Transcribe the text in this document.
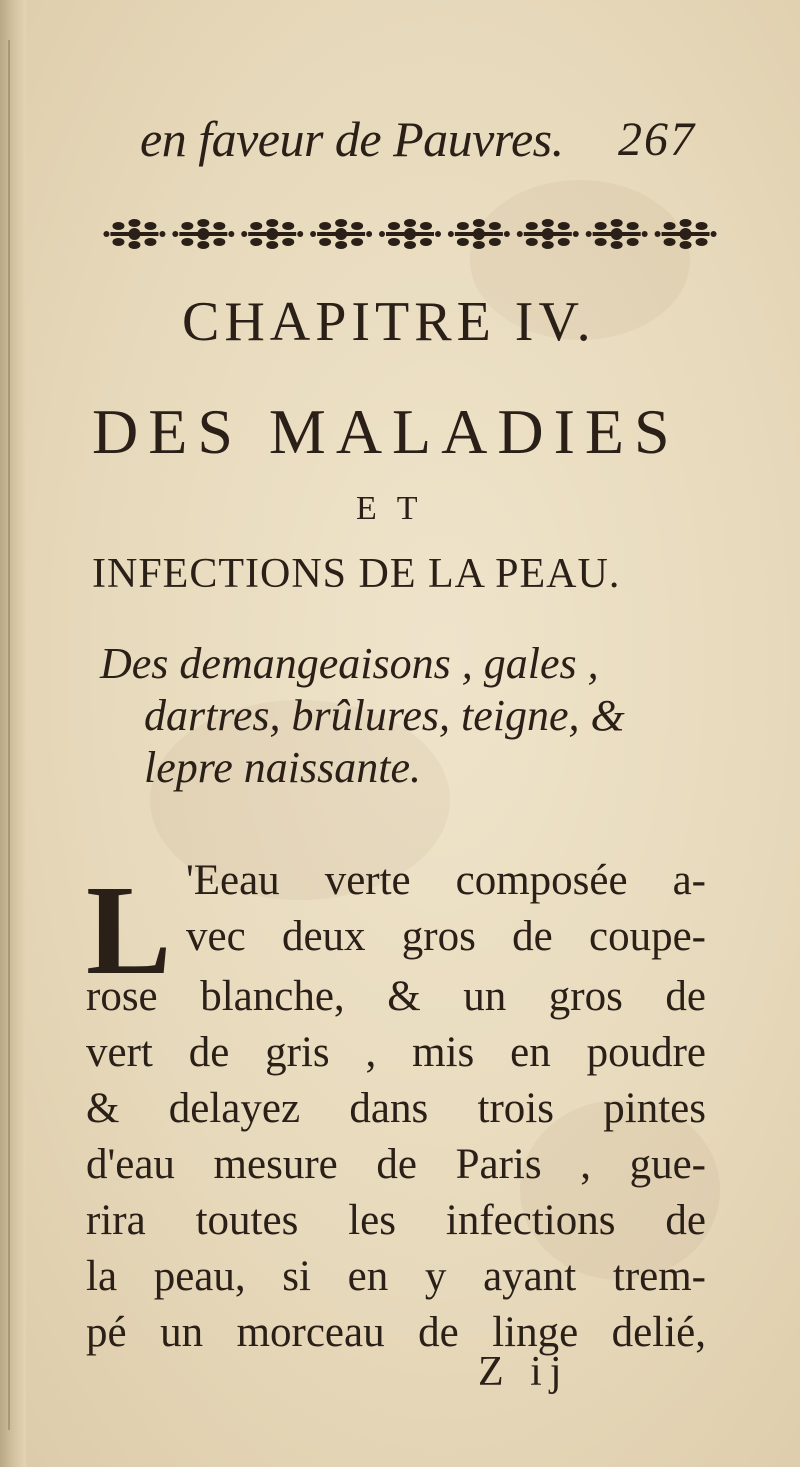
en faveur de Pauvres. 267
CHAPITRE IV.
DES MALADIES
ET
INFECTIONS DE LA PEAU.
Des demangeaisons , gales ,
dartres, brûlures, teigne, &
lepre naissante.
L 'Eeau verte composée a-
vec deux gros de coupe-
rose blanche, & un gros de
vert de gris , mis en poudre
& delayez dans trois pintes
d'eau mesure de Paris , gue-
rira toutes les infections de
la peau, si en y ayant trem-
pé un morceau de linge delié,
Z ij
